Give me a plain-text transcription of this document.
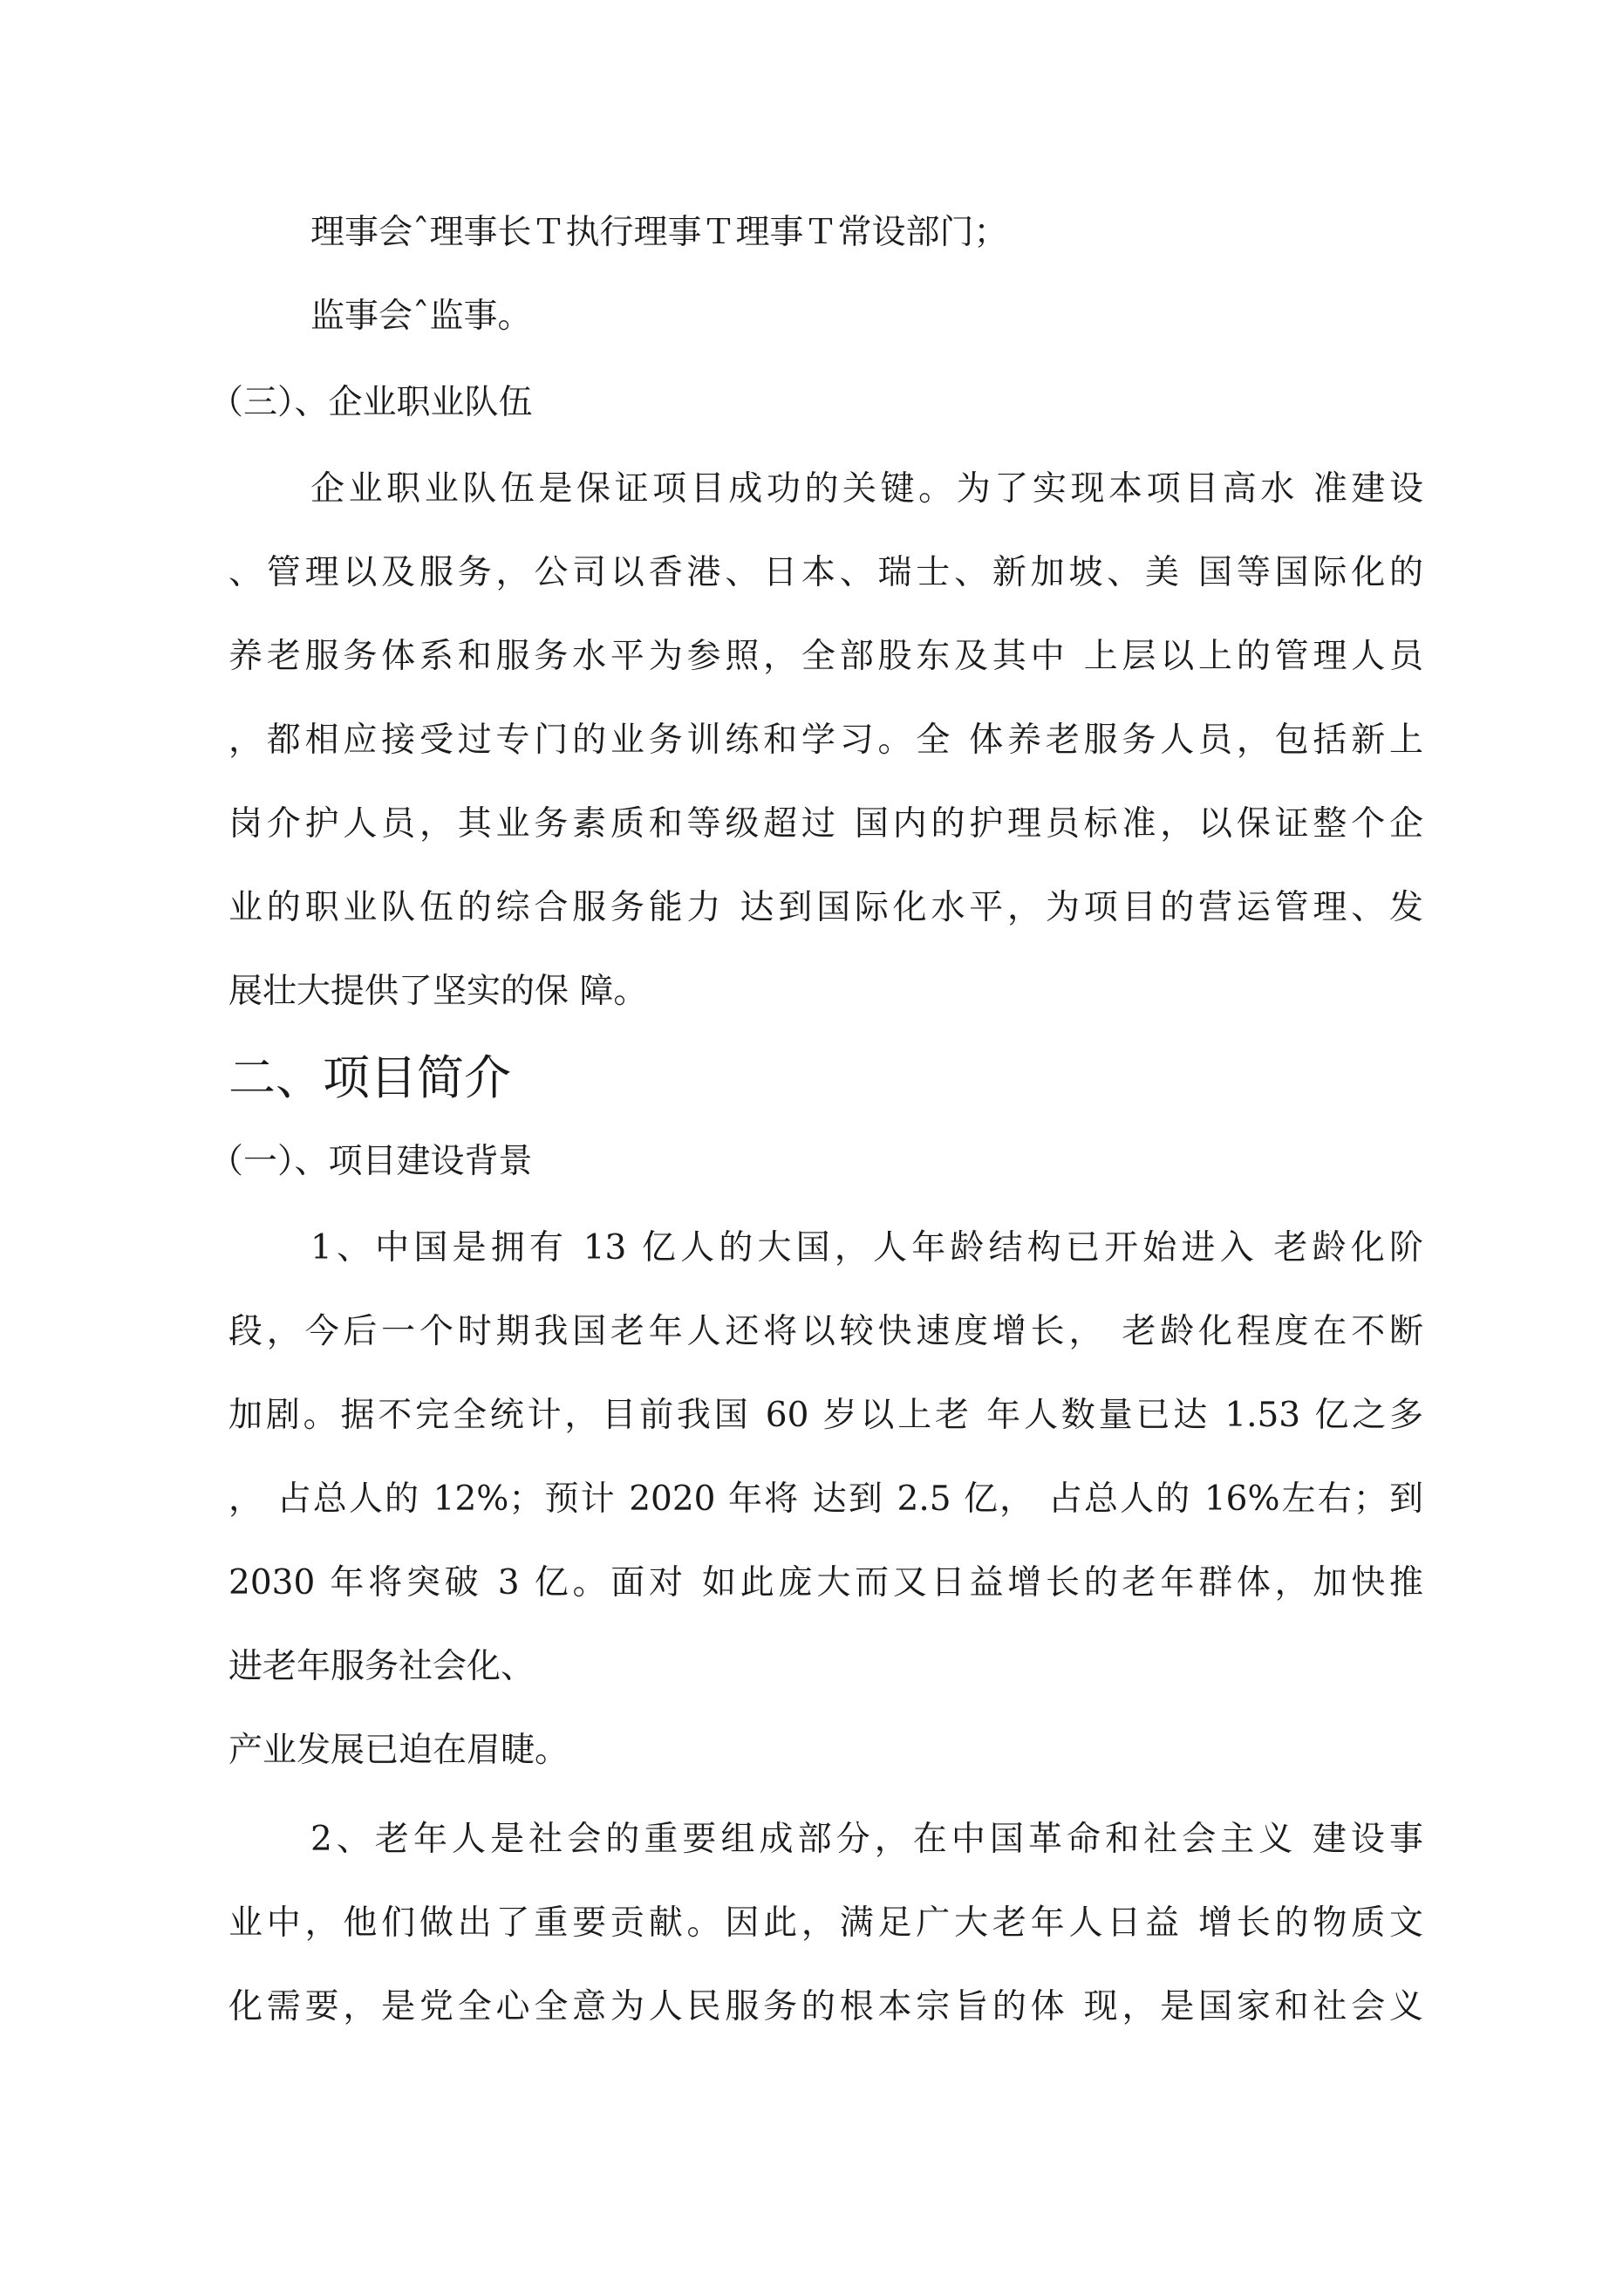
理事会ˆ理事长Ｔ执行理事Ｔ理事Ｔ常设部门；
监事会ˆ监事。
（三）、企业职业队伍
企业职业队伍是保证项目成功的关键。为了实现本项目高水 准建设
、管理以及服务，公司以香港、日本、瑞士、新加坡、美 国等国际化的
养老服务体系和服务水平为参照，全部股东及其中 上层以上的管理人员
，都相应接受过专门的业务训练和学习。全 体养老服务人员，包括新上
岗介护人员，其业务素质和等级超过 国内的护理员标准，以保证整个企
业的职业队伍的综合服务能力 达到国际化水平，为项目的营运管理、发
展壮大提供了坚实的保 障。
二、项目简介
（一）、项目建设背景
1、中国是拥有 13 亿人的大国，人年龄结构已开始进入 老龄化阶
段，今后一个时期我国老年人还将以较快速度增长， 老龄化程度在不断
加剧。据不完全统计，目前我国 60 岁以上老 年人数量已达 1.53 亿之多
， 占总人的 12%；预计 2020 年将 达到 2.5 亿， 占总人的 16%左右；到
2030 年将突破 3 亿。面对 如此庞大而又日益增长的老年群体，加快推
进老年服务社会化、
产业发展已迫在眉睫。
2、老年人是社会的重要组成部分，在中国革命和社会主义 建设事
业中，他们做出了重要贡献。因此，满足广大老年人日益 增长的物质文
化需要，是党全心全意为人民服务的根本宗旨的体 现，是国家和社会义
